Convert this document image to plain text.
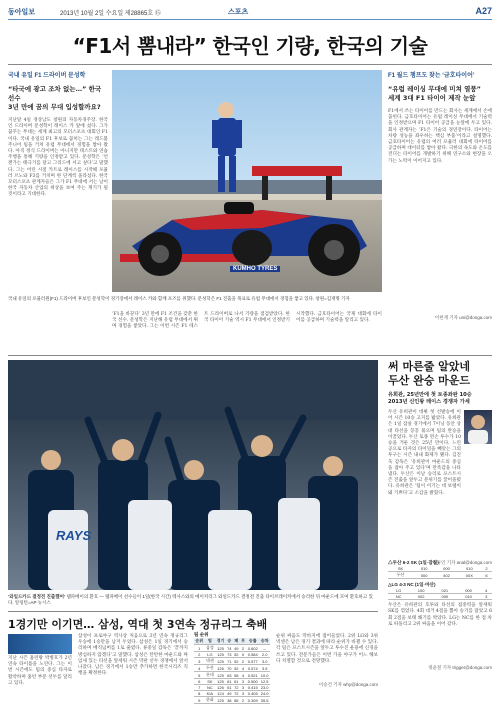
동아일보	2013년 10월 2일 수요일 제28865호 ⑮	스포츠	A27
“F1서 뽐내라” 한국인 기량, 한국의 기술
국내 유일 F1 드라이버 문성학
“타국에 광고 조차 없는…” 한국 선수
3년 만에 꿈의 무대 입성할까요?
지난달 4일 경상남도 창원의 자동차경주장. 한국인 드라이버 문성학이 레이스 카 앞에 섰다. 그가 꿈꾸는 무대는 세계 최고의 모터스포츠 대회인 F1이다. 국내 유일의 F1 후보로 꼽히는 그는 레드불 주니어 팀을 거쳐 유럽 무대에서 경험을 쌓아 왔다. 아직 정식 드라이버는 아니지만 테스트와 연습 주행을 통해 기량을 인정받고 있다. 문성학은 ‘언젠가는 태극기를 달고 그리드에 서고 싶다’고 말했다. 그는 어린 시절 카트로 레이스를 시작해 포뮬러 르노와 F3를 거치며 한 단계씩 올라섰다. 한국 모터스포츠 관계자들은 그가 F1 무대에 서는 날이 한국 자동차 산업의 위상을 보여 주는 계기가 될 것이라고 기대한다.
KUMHO TYRES
국내 유일의 포뮬러원(F1) 드라이버 후보인 문성학이 경기장에서 레이스 카와 함께 포즈를 취했다. 문성학은 F1 진출을 목표로 유럽 무대에서 경험을 쌓고 있다. 창원=김재명 기자
‘F1을 바꾼다’ 3년 만에 F1 조건을 갖춘 한국 선수. 문성학은 지난해 유럽 무대에서 뛰며 경험을 쌓았다. 그는 이번 시즌 F1 테스트 드라이버로 나서 기량을 점검받았다. 한국 타이어 기술 역시 F1 무대에서 인정받기 시작했다. 금호타이어는 국제 대회에 타이어를 공급하며 기술력을 알리고 있다.
F1 월드 챔프도 찾는 ‘금호타이어’
“유럽 레이싱 무대에 미쳐 열풍”
세계 3대 F1 타이어 제작 눈앞
F1에서 쓰는 타이어를 만드는 회사는 세계에서 손에 꼽힌다. 금호타이어는 유럽 레이싱 무대에서 기술력을 인정받으며 F1 타이어 공급을 눈앞에 두고 있다. 회사 관계자는 ‘F1은 기술의 경연장이다. 타이어는 차량 성능을 좌우하는 핵심 부품’이라고 설명했다. 금호타이어는 유럽의 여러 포뮬러 대회에 타이어를 공급하며 데이터를 쌓아 왔다. 극한의 속도와 온도를 견디는 타이어를 개발하기 위해 연구소와 현장을 오가는 노력이 이어지고 있다.
이헌재 기자 uni@donga.com
RAYS
‘와일드카드 결정전 진출했어’ 탬파베이의 환호 — 탬파베이 선수들이 1일(한국 시간) 텍사스와의 메이저리그 와일드카드 결정전 진출 타이브레이커에서 승리한 뒤 마운드에 모여 환호하고 있다. 알링턴=AP 뉴시스
써 마른줄 알았네
두산 완승 마운드
유희관, 25년만에 첫 토종좌완 10승
2013년 신인왕 레이스 경쟁자 가세
두산 유희관이 데뷔 첫 선발승에 이어 시즌 10승 고지를 밟았다. 유희관은 1일 잠실 경기에서 7이닝 동안 상대 타선을 꽁꽁 묶으며 팀의 완승을 이끌었다. 두산 토종 왼손 투수가 10승을 거둔 것은 25년 만이다. 느린 공으로 타자의 타이밍을 빼앗는 그의 투구는 시즌 내내 화제가 됐다. 김진욱 감독은 ‘유희관이 마운드의 중심을 잡아 주고 있다’며 만족감을 나타냈다. 두산은 이날 승리로 포스트시즌 진출을 앞두고 분위기를 끌어올렸다. 유희관은 ‘팀이 이기는 데 보탬이 돼 기쁘다’고 소감을 밝혔다.
황규인 기자 anal@donga.com
1경기만 이기면… 삼성, 역대 첫 3연속 정규리그 축배
지난 시즌 홈런왕 박병호가 2년 연속 타이틀을 노린다. 그는 이번 시즌에도 팀의 중심 타자로 활약하며 홈런 부문 선두를 달리고 있다.
삼성이 프로야구 역사상 처음으로 3년 연속 정규리그 우승에 1승만을 남겨 두었다. 삼성은 1일 경기에서 승리하며 매직넘버를 1로 줄였다. 류중일 감독은 ‘끝까지 방심하지 않겠다’고 말했다. 삼성은 탄탄한 마운드와 짜임새 있는 타선을 앞세워 시즌 막판 선두 경쟁에서 앞서 나갔다. 남은 경기에서 1승만 추가하면 한국시리즈 직행을 확정한다.
팀 순위
순위	팀	경기	승	패	무	승률	승차
1	삼성	125	74	49	2	0.602	–
2	LG	125	73	52	0	0.584	2.0
3	넥센	125	71	52	2	0.577	3.0
4	두산	126	70	52	4	0.574	3.5
5	롯데	125	63	58	4	0.521	10.0
6	SK	125	61	61	3	0.500	12.5
7	NC	126	51	72	3	0.415	23.0
8	KIA	124	49	72	3	0.405	24.0
9	한화	125	38	85	2	0.309	35.5
순위 싸움도 막바지에 접어들었다. 2위 LG와 3위 넥센은 남은 경기 결과에 따라 순위가 바뀔 수 있다. 각 팀은 포스트시즌을 앞두고 투수진 운용에 신경을 쓰고 있다. 전문가들은 이번 가을 야구가 어느 해보다 치열할 것으로 전망했다.
이승건 기자 why@donga.com
△두산 6-2 SK (1일·잠실)
SK	010	000	010	2
두산	000	402	00X	6
△LG 4-3 NC (1일·마산)
LG	100	021	000	4
NC	002	000	010	3
두산은 유희관의 호투와 타선의 집중력을 앞세워 SK를 꺾었다. 4회 대거 4점을 뽑아 승기를 잡았고 6회 2점을 보태 쐐기를 박았다. LG는 NC를 한 점 차로 따돌리고 2위 싸움을 이어 갔다.
정윤철 기자 trigger@donga.com
